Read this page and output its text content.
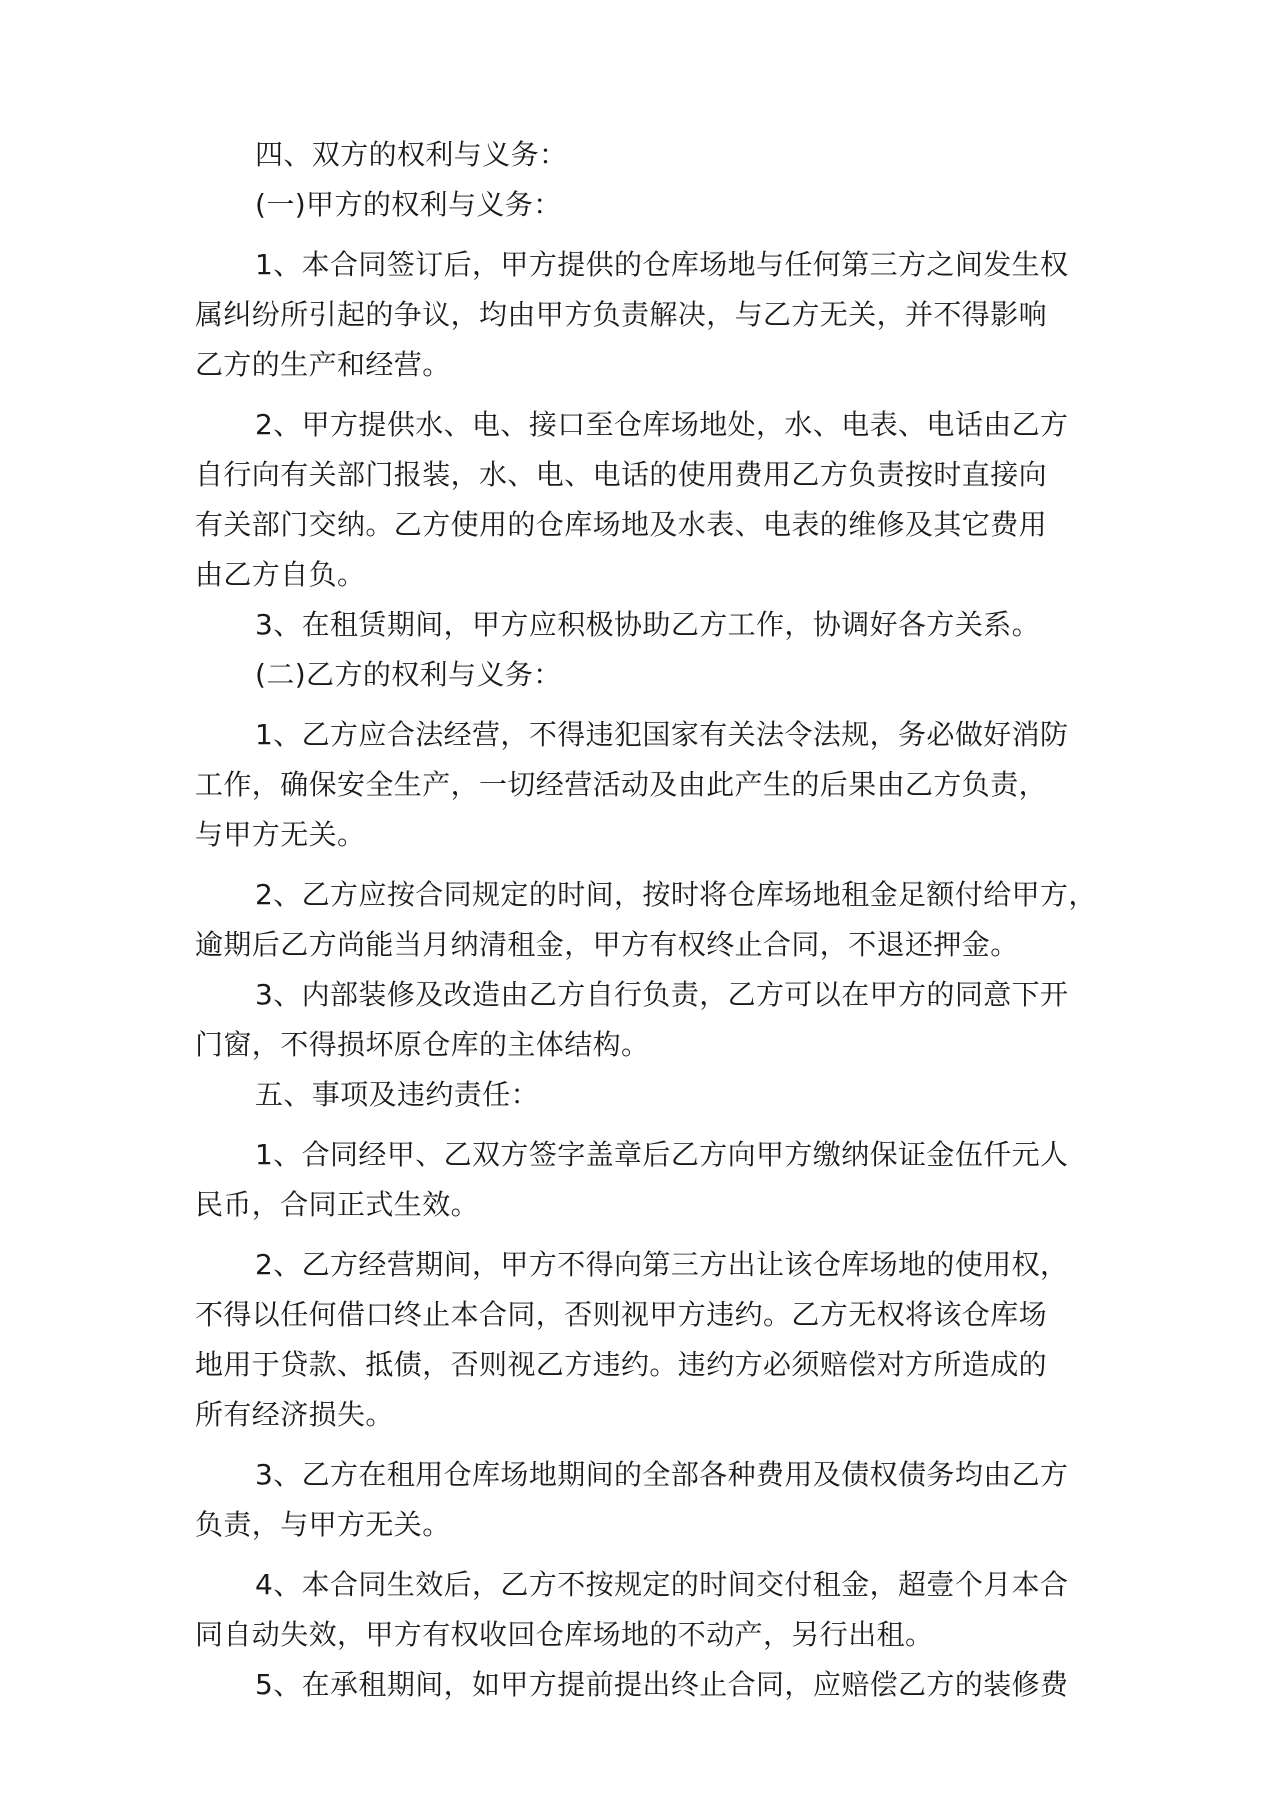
四、双方的权利与义务：
(一)甲方的权利与义务：
1、本合同签订后，甲方提供的仓库场地与任何第三方之间发生权
属纠纷所引起的争议，均由甲方负责解决，与乙方无关，并不得影响
乙方的生产和经营。
2、甲方提供水、电、接口至仓库场地处，水、电表、电话由乙方
自行向有关部门报装，水、电、电话的使用费用乙方负责按时直接向
有关部门交纳。乙方使用的仓库场地及水表、电表的维修及其它费用
由乙方自负。
3、在租赁期间，甲方应积极协助乙方工作，协调好各方关系。
(二)乙方的权利与义务：
1、乙方应合法经营，不得违犯国家有关法令法规，务必做好消防
工作，确保安全生产，一切经营活动及由此产生的后果由乙方负责，
与甲方无关。
2、乙方应按合同规定的时间，按时将仓库场地租金足额付给甲方，
逾期后乙方尚能当月纳清租金，甲方有权终止合同，不退还押金。
3、内部装修及改造由乙方自行负责，乙方可以在甲方的同意下开
门窗，不得损坏原仓库的主体结构。
五、事项及违约责任：
1、合同经甲、乙双方签字盖章后乙方向甲方缴纳保证金伍仟元人
民币，合同正式生效。
2、乙方经营期间，甲方不得向第三方出让该仓库场地的使用权，
不得以任何借口终止本合同，否则视甲方违约。乙方无权将该仓库场
地用于贷款、抵债，否则视乙方违约。违约方必须赔偿对方所造成的
所有经济损失。
3、乙方在租用仓库场地期间的全部各种费用及债权债务均由乙方
负责，与甲方无关。
4、本合同生效后，乙方不按规定的时间交付租金，超壹个月本合
同自动失效，甲方有权收回仓库场地的不动产，另行出租。
5、在承租期间，如甲方提前提出终止合同，应赔偿乙方的装修费
